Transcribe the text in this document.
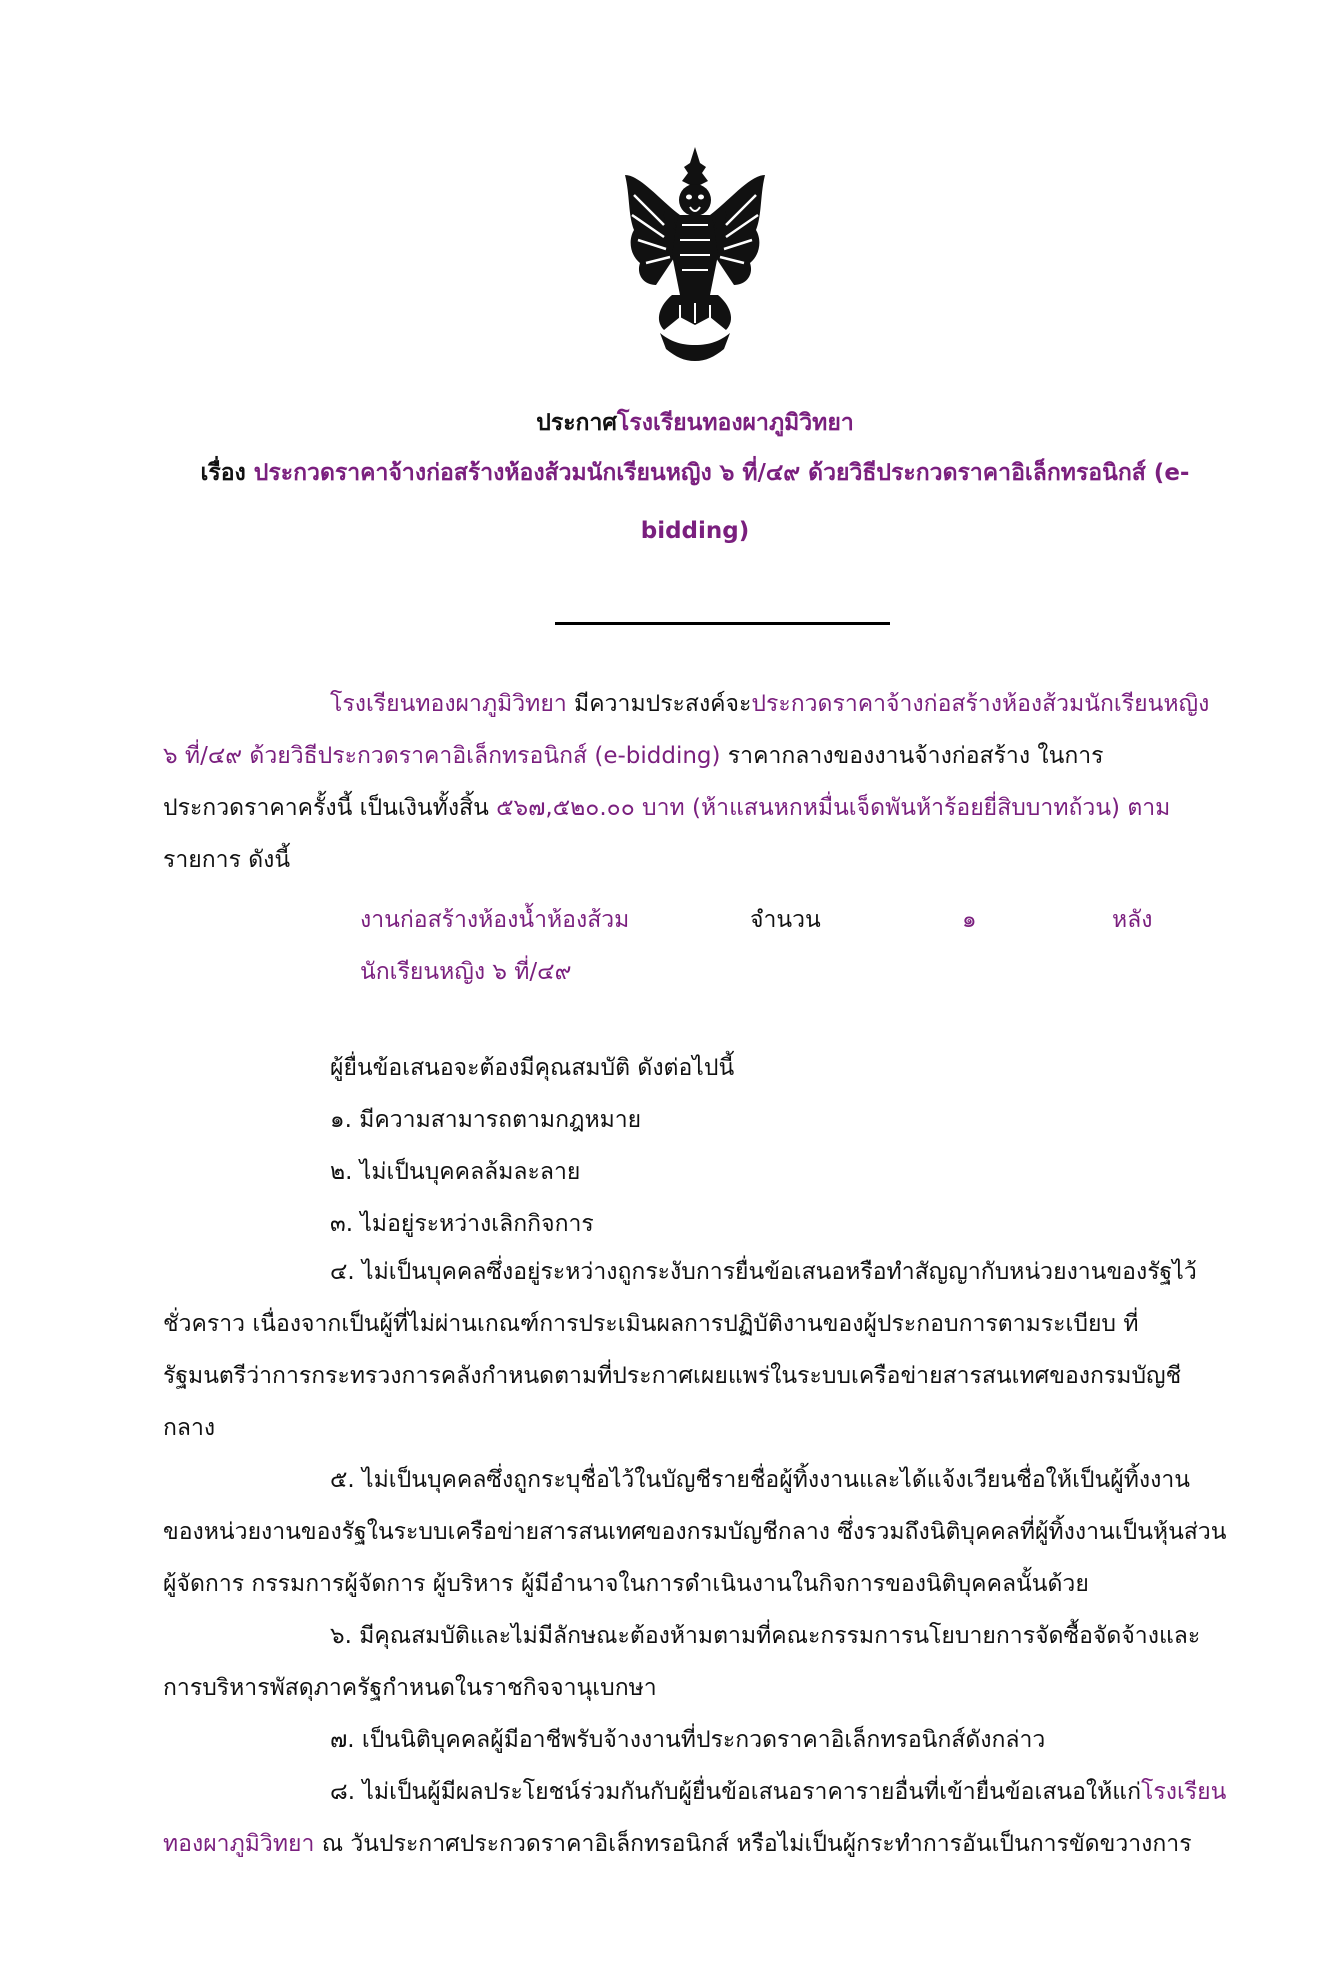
ประกาศโรงเรียนทองผาภูมิวิทยา
เรื่อง ประกวดราคาจ้างก่อสร้างห้องส้วมนักเรียนหญิง ๖ ที่/๔๙ ด้วยวิธีประกวดราคาอิเล็กทรอนิกส์ (e-
bidding)
โรงเรียนทองผาภูมิวิทยา มีความประสงค์จะประกวดราคาจ้างก่อสร้างห้องส้วมนักเรียนหญิง
๖ ที่/๔๙ ด้วยวิธีประกวดราคาอิเล็กทรอนิกส์ (e-bidding) ราคากลางของงานจ้างก่อสร้าง ในการ
ประกวดราคาครั้งนี้ เป็นเงินทั้งสิ้น ๕๖๗,๕๒๐.๐๐ บาท (ห้าแสนหกหมื่นเจ็ดพันห้าร้อยยี่สิบบาทถ้วน) ตาม
รายการ ดังนี้
งานก่อสร้างห้องน้ำห้องส้วม	จำนวน	๑	หลัง
นักเรียนหญิง ๖ ที่/๔๙
ผู้ยื่นข้อเสนอจะต้องมีคุณสมบัติ ดังต่อไปนี้
๑. มีความสามารถตามกฎหมาย
๒. ไม่เป็นบุคคลล้มละลาย
๓. ไม่อยู่ระหว่างเลิกกิจการ
๔. ไม่เป็นบุคคลซึ่งอยู่ระหว่างถูกระงับการยื่นข้อเสนอหรือทำสัญญากับหน่วยงานของรัฐไว้
ชั่วคราว เนื่องจากเป็นผู้ที่ไม่ผ่านเกณฑ์การประเมินผลการปฏิบัติงานของผู้ประกอบการตามระเบียบ ที่
รัฐมนตรีว่าการกระทรวงการคลังกำหนดตามที่ประกาศเผยแพร่ในระบบเครือข่ายสารสนเทศของกรมบัญชี
กลาง
๕. ไม่เป็นบุคคลซึ่งถูกระบุชื่อไว้ในบัญชีรายชื่อผู้ทิ้งงานและได้แจ้งเวียนชื่อให้เป็นผู้ทิ้งงาน
ของหน่วยงานของรัฐในระบบเครือข่ายสารสนเทศของกรมบัญชีกลาง ซึ่งรวมถึงนิติบุคคลที่ผู้ทิ้งงานเป็นหุ้นส่วน
ผู้จัดการ กรรมการผู้จัดการ ผู้บริหาร ผู้มีอำนาจในการดำเนินงานในกิจการของนิติบุคคลนั้นด้วย
๖. มีคุณสมบัติและไม่มีลักษณะต้องห้ามตามที่คณะกรรมการนโยบายการจัดซื้อจัดจ้างและ
การบริหารพัสดุภาครัฐกำหนดในราชกิจจานุเบกษา
๗. เป็นนิติบุคคลผู้มีอาชีพรับจ้างงานที่ประกวดราคาอิเล็กทรอนิกส์ดังกล่าว
๘. ไม่เป็นผู้มีผลประโยชน์ร่วมกันกับผู้ยื่นข้อเสนอราคารายอื่นที่เข้ายื่นข้อเสนอให้แก่โรงเรียน
ทองผาภูมิวิทยา ณ วันประกาศประกวดราคาอิเล็กทรอนิกส์ หรือไม่เป็นผู้กระทำการอันเป็นการขัดขวางการ
